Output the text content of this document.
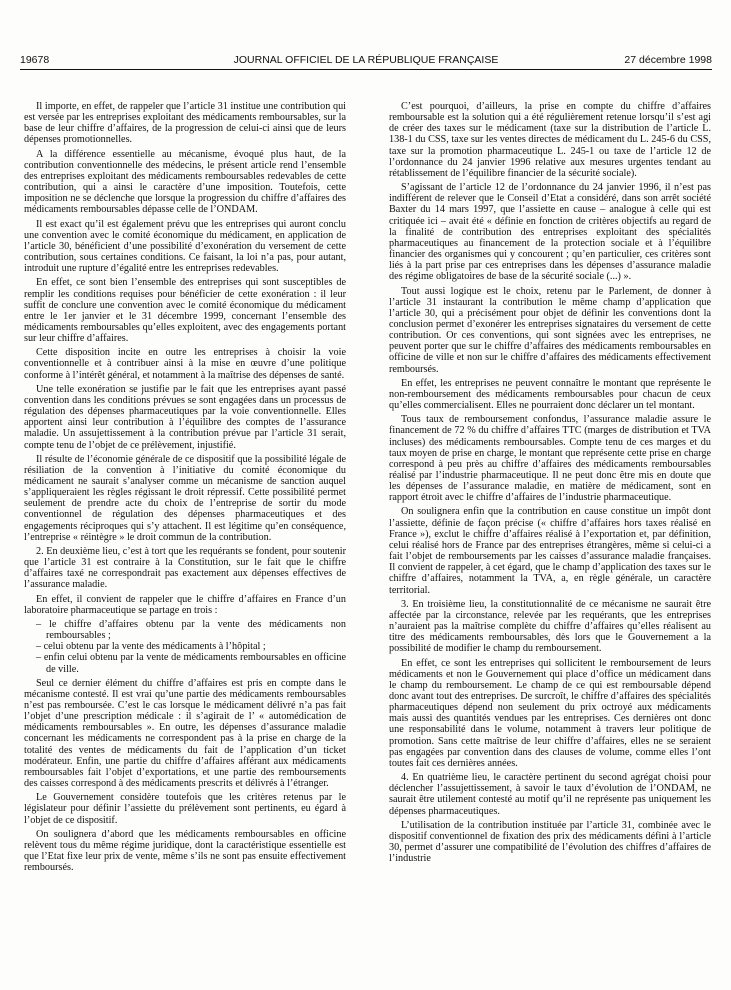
19678	JOURNAL OFFICIEL DE LA RÉPUBLIQUE FRANÇAISE	27 décembre 1998

Il importe, en effet, de rappeler que l’article 31 institue une contribution qui est versée par les entreprises exploitant des médicaments remboursables, sur la base de leur chiffre d’affaires, de la progression de celui-ci ainsi que de leurs dépenses promotionnelles.

A la différence essentielle au mécanisme, évoqué plus haut, de la contribution conventionnelle des médecins, le présent article rend l’ensemble des entreprises exploitant des médicaments remboursables redevables de cette contribution, qui a ainsi le caractère d’une imposition. Toutefois, cette imposition ne se déclenche que lorsque la progression du chiffre d’affaires des médicaments remboursables dépasse celle de l’ONDAM.

Il est exact qu’il est également prévu que les entreprises qui auront conclu une convention avec le comité économique du médicament, en application de l’article 30, bénéficient d’une possibilité d’exonération du versement de cette contribution, sous certaines conditions. Ce faisant, la loi n’a pas, pour autant, introduit une rupture d’égalité entre les entreprises redevables.

En effet, ce sont bien l’ensemble des entreprises qui sont susceptibles de remplir les conditions requises pour bénéficier de cette exonération : il leur suffit de conclure une convention avec le comité économique du médicament entre le 1er janvier et le 31 décembre 1999, concernant l’ensemble des médicaments remboursables qu’elles exploitent, avec des engagements portant sur leur chiffre d’affaires.

Cette disposition incite en outre les entreprises à choisir la voie conventionnelle et à contribuer ainsi à la mise en œuvre d’une politique conforme à l’intérêt général, et notamment à la maîtrise des dépenses de santé.

Une telle exonération se justifie par le fait que les entreprises ayant passé convention dans les conditions prévues se sont engagées dans un processus de régulation des dépenses pharmaceutiques par la voie conventionnelle. Elles apportent ainsi leur contribution à l’équilibre des comptes de l’assurance maladie. Un assujettissement à la contribution prévue par l’article 31 serait, compte tenu de l’objet de ce prélèvement, injustifié.

Il résulte de l’économie générale de ce dispositif que la possibilité légale de résiliation de la convention à l’initiative du comité économique du médicament ne saurait s’analyser comme un mécanisme de sanction auquel s’appliqueraient les règles régissant le droit répressif. Cette possibilité permet seulement de prendre acte du choix de l’entreprise de sortir du mode conventionnel de régulation des dépenses pharmaceutiques et des engagements réciproques qui s’y attachent. Il est légitime qu’en conséquence, l’entreprise « réintègre » le droit commun de la contribution.

2. En deuxième lieu, c’est à tort que les requérants se fondent, pour soutenir que l’article 31 est contraire à la Constitution, sur le fait que le chiffre d’affaires taxé ne correspondrait pas exactement aux dépenses effectives de l’assurance maladie.

En effet, il convient de rappeler que le chiffre d’affaires en France d’un laboratoire pharmaceutique se partage en trois :

– le chiffre d’affaires obtenu par la vente des médicaments non remboursables ;
– celui obtenu par la vente des médicaments à l’hôpital ;
– enfin celui obtenu par la vente de médicaments remboursables en officine de ville.

Seul ce dernier élément du chiffre d’affaires est pris en compte dans le mécanisme contesté. Il est vrai qu’une partie des médicaments remboursables n’est pas remboursée. C’est le cas lorsque le médicament délivré n’a pas fait l’objet d’une prescription médicale : il s’agirait de l’ « automédication de médicaments remboursables ». En outre, les dépenses d’assurance maladie concernant les médicaments ne correspondent pas à la prise en charge de la totalité des ventes de médicaments du fait de l’application d’un ticket modérateur. Enfin, une partie du chiffre d’affaires afférant aux médicaments remboursables fait l’objet d’exportations, et une partie des remboursements des caisses correspond à des médicaments prescrits et délivrés à l’étranger.

Le Gouvernement considère toutefois que les critères retenus par le législateur pour définir l’assiette du prélèvement sont pertinents, eu égard à l’objet de ce dispositif.

On soulignera d’abord que les médicaments remboursables en officine relèvent tous du même régime juridique, dont la caractéristique essentielle est que l’Etat fixe leur prix de vente, même s’ils ne sont pas ensuite effectivement remboursés.

C’est pourquoi, d’ailleurs, la prise en compte du chiffre d’affaires remboursable est la solution qui a été régulièrement retenue lorsqu’il s’est agi de créer des taxes sur le médicament (taxe sur la distribution de l’article L. 138-1 du CSS, taxe sur les ventes directes de médicament du L. 245-6 du CSS, taxe sur la promotion pharmaceutique L. 245-1 ou taxe de l’article 12 de l’ordonnance du 24 janvier 1996 relative aux mesures urgentes tendant au rétablissement de l’équilibre financier de la sécurité sociale).

S’agissant de l’article 12 de l’ordonnance du 24 janvier 1996, il n’est pas indifférent de relever que le Conseil d’Etat a considéré, dans son arrêt société Baxter du 14 mars 1997, que l’assiette en cause – analogue à celle qui est critiquée ici – avait été « définie en fonction de critères objectifs au regard de la finalité de contribution des entreprises exploitant des spécialités pharmaceutiques au financement de la protection sociale et à l’équilibre financier des organismes qui y concourent ; qu’en particulier, ces critères sont liés à la part prise par ces entreprises dans les dépenses d’assurance maladie des régime obligatoires de base de la sécurité sociale (...) ».

Tout aussi logique est le choix, retenu par le Parlement, de donner à l’article 31 instaurant la contribution le même champ d’application que l’article 30, qui a précisément pour objet de définir les conventions dont la conclusion permet d’exonérer les entreprises signataires du versement de cette contribution. Or ces conventions, qui sont signées avec les entreprises, ne peuvent porter que sur le chiffre d’affaires des médicaments remboursables en officine de ville et non sur le chiffre d’affaires des médicaments effectivement remboursés.

En effet, les entreprises ne peuvent connaître le montant que représente le non-remboursement des médicaments remboursables pour chacun de ceux qu’elles commercialisent. Elles ne pourraient donc déclarer un tel montant.

Tous taux de remboursement confondus, l’assurance maladie assure le financement de 72 % du chiffre d’affaires TTC (marges de distribution et TVA incluses) des médicaments remboursables. Compte tenu de ces marges et du taux moyen de prise en charge, le montant que représente cette prise en charge correspond à peu près au chiffre d’affaires des médicaments remboursables réalisé par l’industrie pharmaceutique. Il ne peut donc être mis en doute que les dépenses de l’assurance maladie, en matière de médicament, sont en rapport étroit avec le chiffre d’affaires de l’industrie pharmaceutique.

On soulignera enfin que la contribution en cause constitue un impôt dont l’assiette, définie de façon précise (« chiffre d’affaires hors taxes réalisé en France »), exclut le chiffre d’affaires réalisé à l’exportation et, par définition, celui réalisé hors de France par des entreprises étrangères, même si celui-ci a fait l’objet de remboursements par les caisses d’assurance maladie françaises. Il convient de rappeler, à cet égard, que le champ d’application des taxes sur le chiffre d’affaires, notamment la TVA, a, en règle générale, un caractère territorial.

3. En troisième lieu, la constitutionnalité de ce mécanisme ne saurait être affectée par la circonstance, relevée par les requérants, que les entreprises n’auraient pas la maîtrise complète du chiffre d’affaires qu’elles réalisent au titre des médicaments remboursables, dès lors que le Gouvernement a la possibilité de modifier le champ du remboursement.

En effet, ce sont les entreprises qui sollicitent le remboursement de leurs médicaments et non le Gouvernement qui place d’office un médicament dans le champ du remboursement. Le champ de ce qui est remboursable dépend donc avant tout des entreprises. De surcroît, le chiffre d’affaires des spécialités pharmaceutiques dépend non seulement du prix octroyé aux médicaments mais aussi des quantités vendues par les entreprises. Ces dernières ont donc une responsabilité dans le volume, notamment à travers leur politique de promotion. Sans cette maîtrise de leur chiffre d’affaires, elles ne se seraient pas engagées par convention dans des clauses de volume, comme elles l’ont toutes fait ces dernières années.

4. En quatrième lieu, le caractère pertinent du second agrégat choisi pour déclencher l’assujettissement, à savoir le taux d’évolution de l’ONDAM, ne saurait être utilement contesté au motif qu’il ne représente pas uniquement les dépenses pharmaceutiques.

L’utilisation de la contribution instituée par l’article 31, combinée avec le dispositif conventionnel de fixation des prix des médicaments défini à l’article 30, permet d’assurer une compatibilité de l’évolution des chiffres d’affaires de l’industrie
